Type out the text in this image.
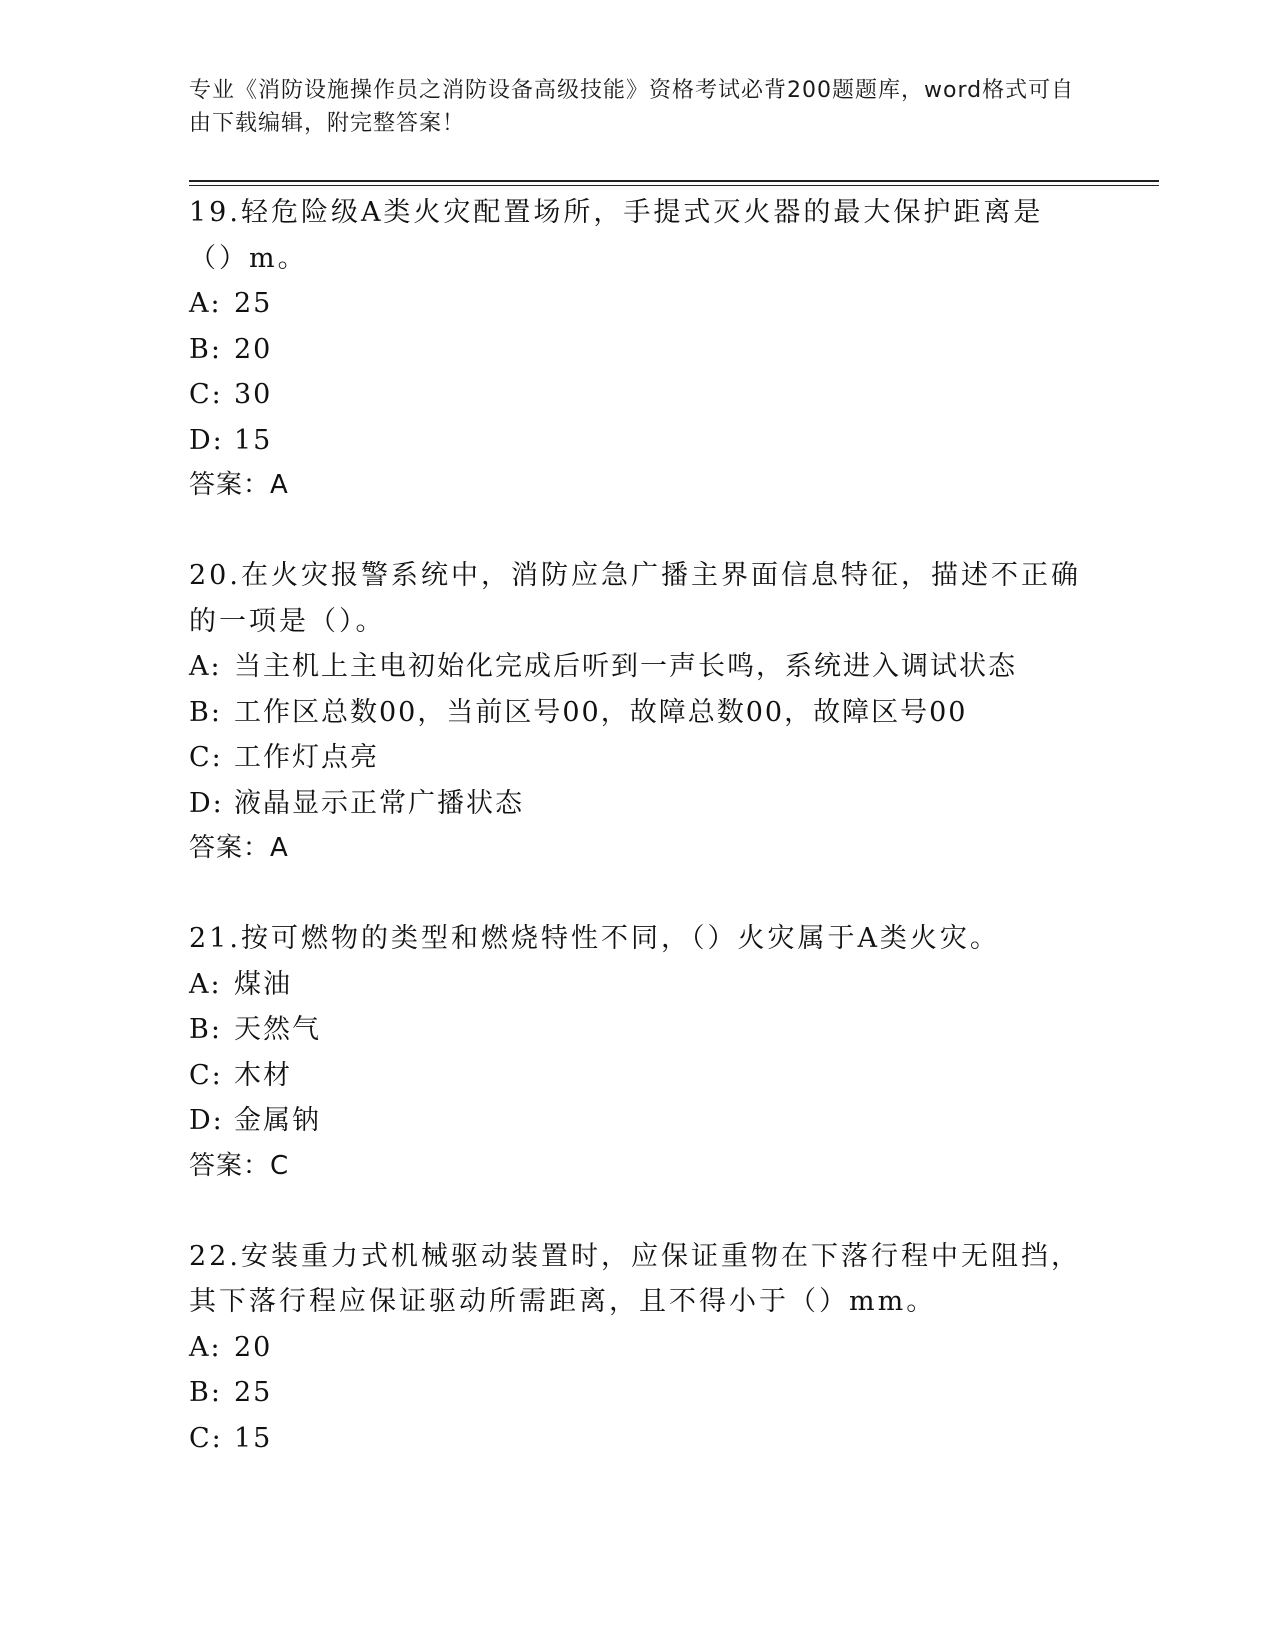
专业《消防设施操作员之消防设备高级技能》资格考试必背200题题库，word格式可自由下载编辑，附完整答案！
19.轻危险级A类火灾配置场所，手提式灭火器的最大保护距离是（）m。
A: 25
B: 20
C: 30
D: 15
答案：A
20.在火灾报警系统中，消防应急广播主界面信息特征，描述不正确的一项是（）。
A: 当主机上主电初始化完成后听到一声长鸣，系统进入调试状态
B: 工作区总数00，当前区号00，故障总数00，故障区号00
C: 工作灯点亮
D: 液晶显示正常广播状态
答案：A
21.按可燃物的类型和燃烧特性不同，（）火灾属于A类火灾。
A: 煤油
B: 天然气
C: 木材
D: 金属钠
答案：C
22.安装重力式机械驱动装置时，应保证重物在下落行程中无阻挡，其下落行程应保证驱动所需距离，且不得小于（）mm。
A: 20
B: 25
C: 15
